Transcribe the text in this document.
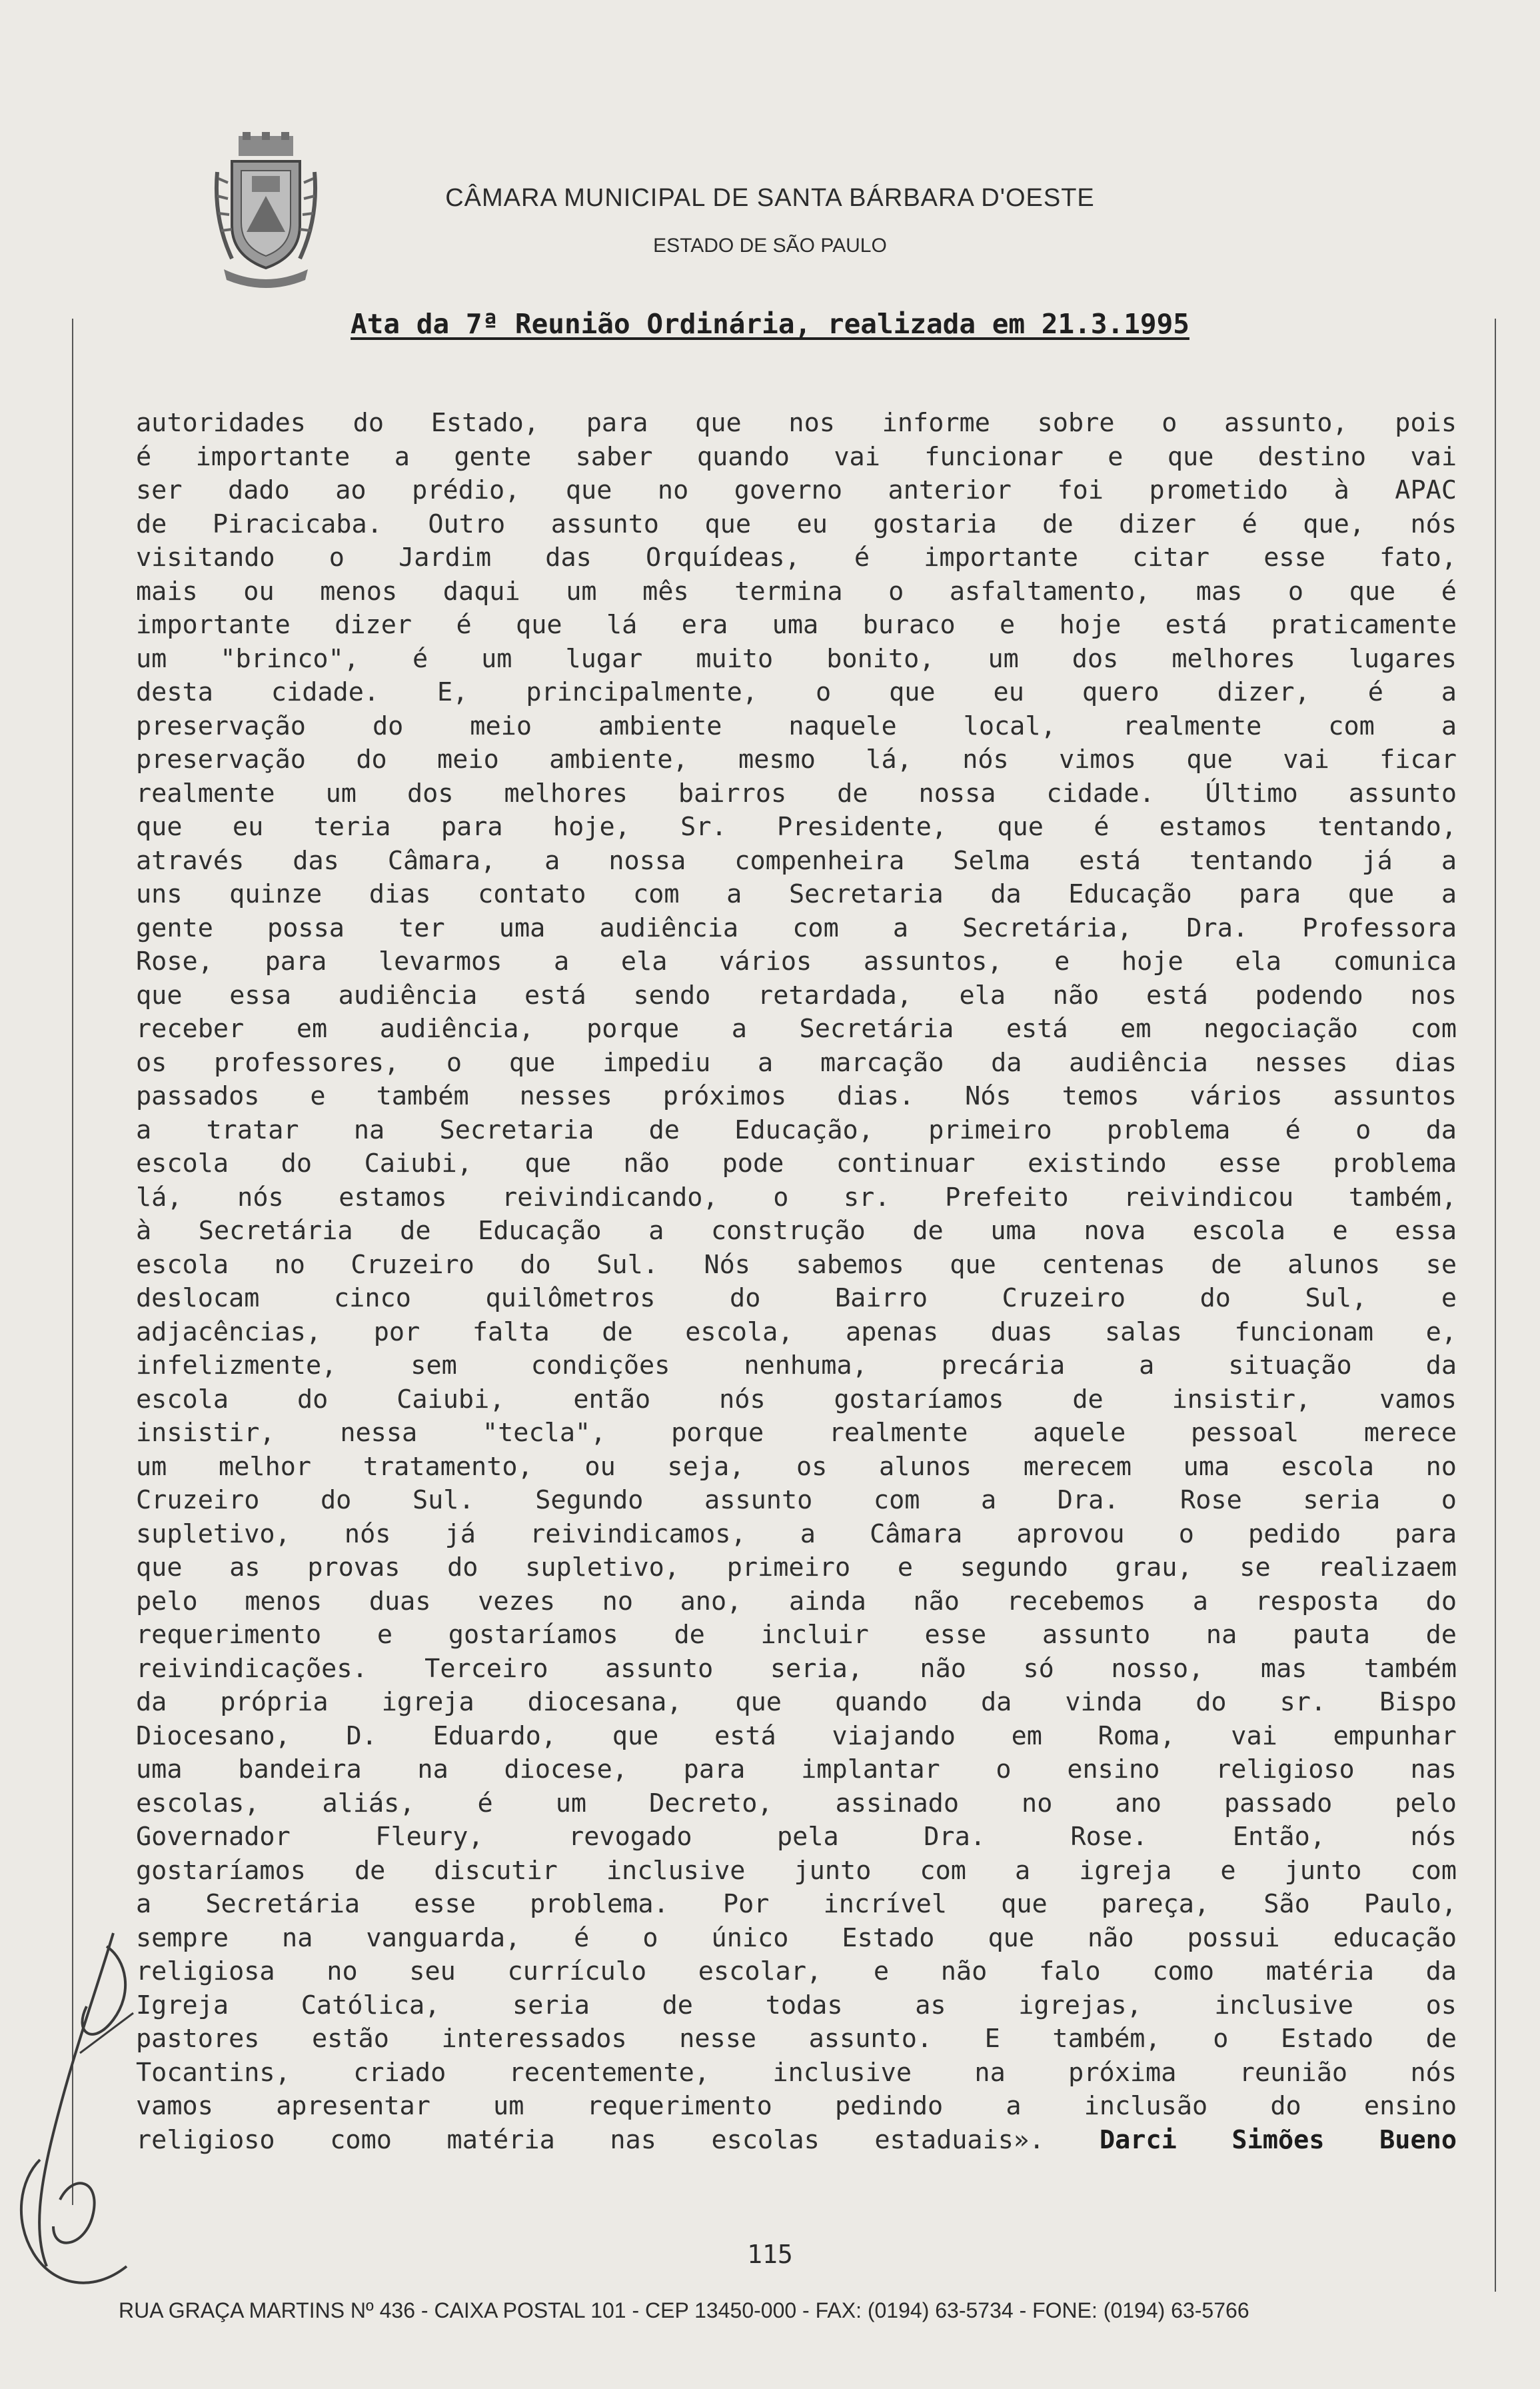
CÂMARA MUNICIPAL DE SANTA BÁRBARA D'OESTE
ESTADO DE SÃO PAULO
Ata da 7ª Reunião Ordinária, realizada em 21.3.1995
autoridades do Estado, para que nos informe sobre o assunto, pois
é importante a gente saber quando vai funcionar e que destino vai
ser dado ao prédio, que no governo anterior foi prometido à APAC
de Piracicaba. Outro assunto que eu gostaria de dizer é que, nós
visitando o Jardim das Orquídeas, é importante citar esse fato,
mais ou menos daqui um mês termina o asfaltamento, mas o que é
importante dizer é que lá era uma buraco e hoje está praticamente
um "brinco", é um lugar muito bonito, um dos melhores lugares
desta cidade. E, principalmente, o que eu quero dizer, é a
preservação do meio ambiente naquele local, realmente com a
preservação do meio ambiente, mesmo lá, nós vimos que vai ficar
realmente um dos melhores bairros de nossa cidade. Último assunto
que eu teria para hoje, Sr. Presidente, que é estamos tentando,
através das Câmara, a nossa compenheira Selma está tentando já a
uns quinze dias contato com a Secretaria da Educação para que a
gente possa ter uma audiência com a Secretária, Dra. Professora
Rose, para levarmos a ela vários assuntos, e hoje ela comunica
que essa audiência está sendo retardada, ela não está podendo nos
receber em audiência, porque a Secretária está em negociação com
os professores, o que impediu a marcação da audiência nesses dias
passados e também nesses próximos dias. Nós temos vários assuntos
a tratar na Secretaria de Educação, primeiro problema é o da
escola do Caiubi, que não pode continuar existindo esse problema
lá, nós estamos reivindicando, o sr. Prefeito reivindicou também,
à Secretária de Educação a construção de uma nova escola e essa
escola no Cruzeiro do Sul. Nós sabemos que centenas de alunos se
deslocam cinco quilômetros do Bairro Cruzeiro do Sul, e
adjacências, por falta de escola, apenas duas salas funcionam e,
infelizmente, sem condições nenhuma, precária a situação da
escola do Caiubi, então nós gostaríamos de insistir, vamos
insistir, nessa "tecla", porque realmente aquele pessoal merece
um melhor tratamento, ou seja, os alunos merecem uma escola no
Cruzeiro do Sul. Segundo assunto com a Dra. Rose seria o
supletivo, nós já reivindicamos, a Câmara aprovou o pedido para
que as provas do supletivo, primeiro e segundo grau, se realizaem
pelo menos duas vezes no ano, ainda não recebemos a resposta do
requerimento e gostaríamos de incluir esse assunto na pauta de
reivindicações. Terceiro assunto seria, não só nosso, mas também
da própria igreja diocesana, que quando da vinda do sr. Bispo
Diocesano, D. Eduardo, que está viajando em Roma, vai empunhar
uma bandeira na diocese, para implantar o ensino religioso nas
escolas, aliás, é um Decreto, assinado no ano passado pelo
Governador Fleury, revogado pela Dra. Rose. Então, nós
gostaríamos de discutir inclusive junto com a igreja e junto com
a Secretária esse problema. Por incrível que pareça, São Paulo,
sempre na vanguarda, é o único Estado que não possui educação
religiosa no seu currículo escolar, e não falo como matéria da
Igreja Católica, seria de todas as igrejas, inclusive os
pastores estão interessados nesse assunto. E também, o Estado de
Tocantins, criado recentemente, inclusive na próxima reunião nós
vamos apresentar um requerimento pedindo a inclusão do ensino
religioso como matéria nas escolas estaduais». Darci Simões Bueno
115
RUA GRAÇA MARTINS Nº 436 - CAIXA POSTAL 101 - CEP 13450-000 - FAX: (0194) 63-5734 - FONE: (0194) 63-5766
